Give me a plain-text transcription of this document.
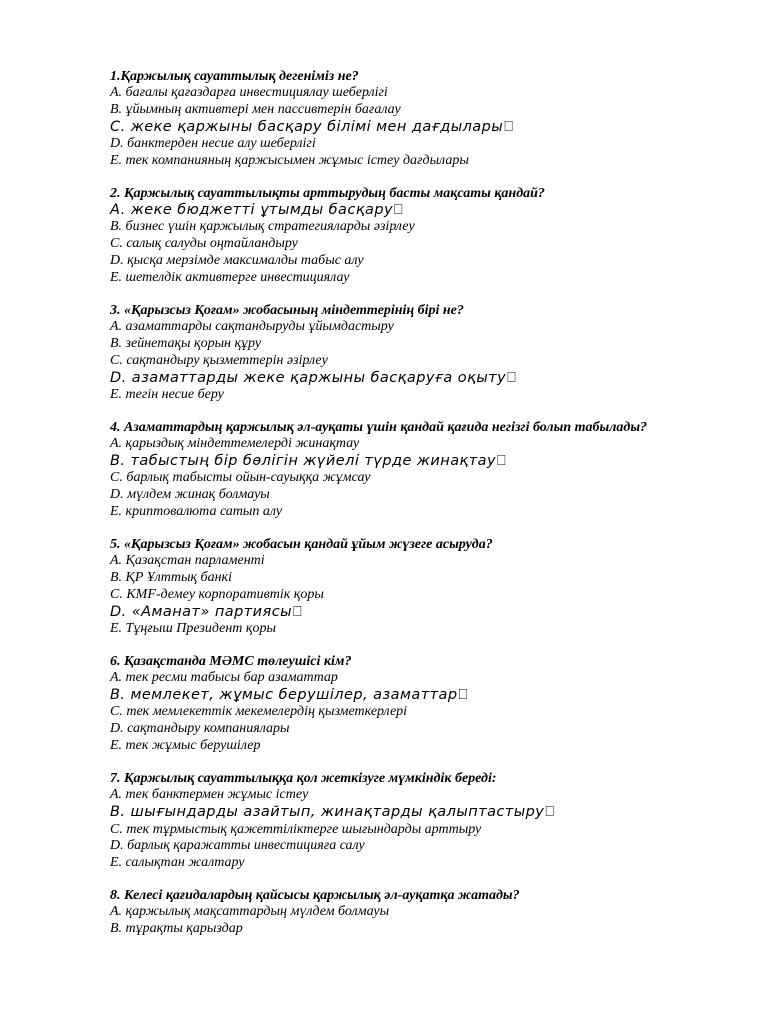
1.Қаржылық сауаттылық дегеніміз не?
A. бағалы қағаздарға инвестициялау шеберлігі
B. ұйымның активтері мен пассивтерін бағалау
C. жеке қаржыны басқару білімі мен дағдылары⎕
D. банктерден несие алу шеберлігі
E. тек компанияның қаржысымен жұмыс істеу дағдылары
2. Қаржылық сауаттылықты арттырудың басты мақсаты қандай?
A. жеке бюджетті ұтымды басқару⎕
B. бизнес үшін қаржылық стратегияларды әзірлеу
C. салық салуды оңтайландыру
D. қысқа мерзімде максималды табыс алу
E. шетелдік активтерге инвестициялау
3. «Қарызсыз Қоғам» жобасының міндеттерінің бірі не?
A. азаматтарды сақтандыруды ұйымдастыру
B. зейнетақы қорын құру
C. сақтандыру қызметтерін әзірлеу
D. азаматтарды жеке қаржыны басқаруға оқыту⎕
E. тегін несие беру
4. Азаматтардың қаржылық әл-ауқаты үшін қандай қағида негізгі болып табылады?
A. қарыздық міндеттемелерді жинақтау
B. табыстың бір бөлігін жүйелі түрде жинақтау⎕
C. барлық табысты ойын-сауыққа жұмсау
D. мүлдем жинақ болмауы
E. криптовалюта сатып алу
5. «Қарызсыз Қоғам» жобасын қандай ұйым жүзеге асыруда?
A. Қазақстан парламенті
B. ҚР Ұлттық банкі
C. KMF-демеу корпоративтік қоры
D. «Аманат» партиясы⎕
E. Тұңғыш Президент қоры
6. Қазақстанда МӘМС төлеушісі кім?
A. тек ресми табысы бар азаматтар
B. мемлекет, жұмыс берушілер, азаматтар⎕
C. тек мемлекеттік мекемелердің қызметкерлері
D. сақтандыру компаниялары
E. тек жұмыс берушілер
7. Қаржылық сауаттылыққа қол жеткізуге мүмкіндік береді:
A. тек банктермен жұмыс істеу
B. шығындарды азайтып, жинақтарды қалыптастыру⎕
C. тек тұрмыстық қажеттіліктерге шығындарды арттыру
D. барлық қаражатты инвестицияға салу
E. салықтан жалтару
8. Келесі қағидалардың қайсысы қаржылық әл-ауқатқа жатады?
A. қаржылық мақсаттардың мүлдем болмауы
B. тұрақты қарыздар
